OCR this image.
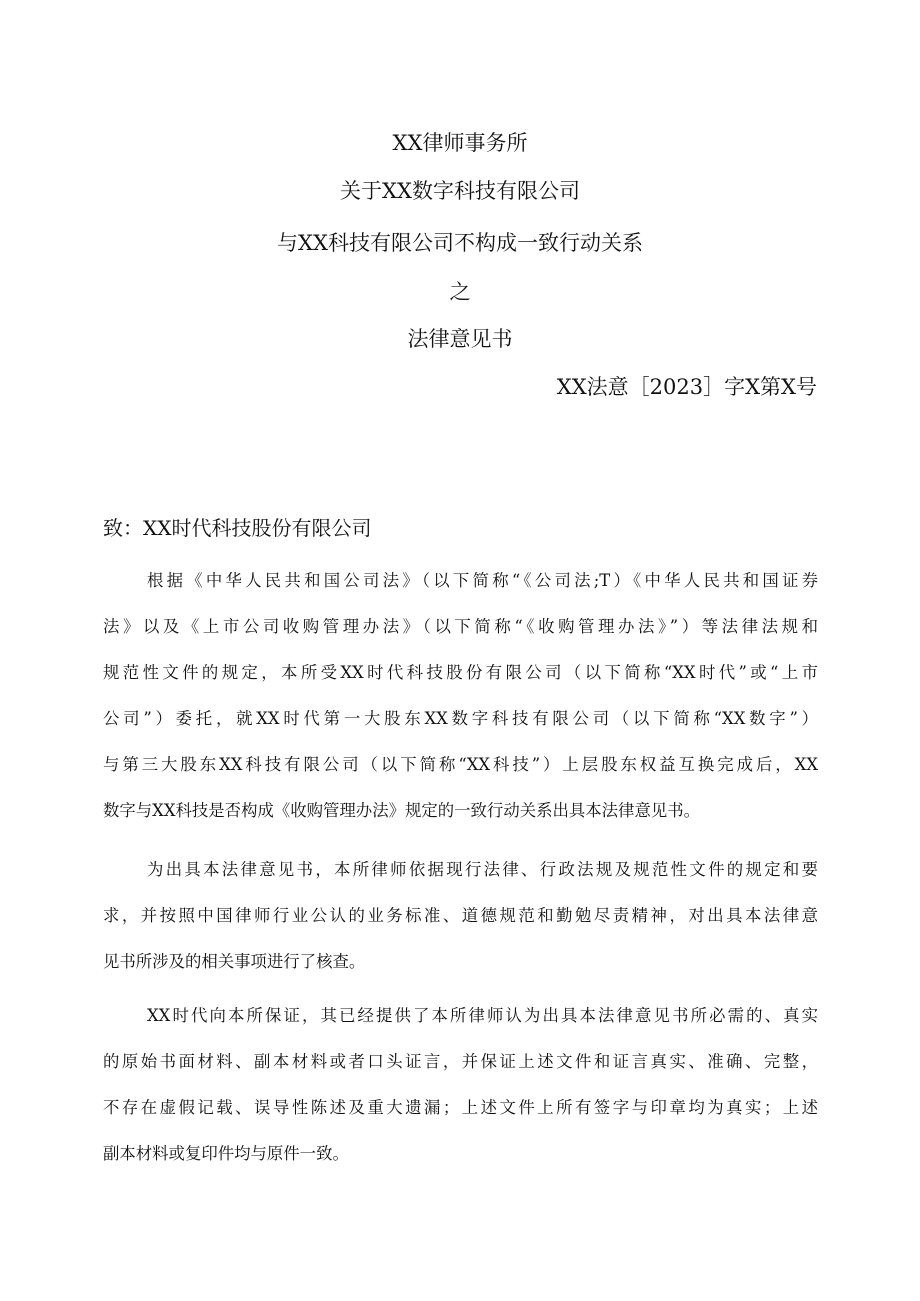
XX律师事务所
关于XX数字科技有限公司
与XX科技有限公司不构成一致行动关系
之
法律意见书
XX法意［2023］字X第X号
致：XX时代科技股份有限公司
根据《中华人民共和国公司法》（以下简称“《公司法;T）《中华人民共和国证券
法》以及《上市公司收购管理办法》（以下简称“《收购管理办法》”）等法律法规和
规范性文件的规定，本所受XX时代科技股份有限公司（以下简称“XX时代”或“上市
公司”）委托，就XX时代第一大股东XX数字科技有限公司（以下简称“XX数字”）
与第三大股东XX科技有限公司（以下简称“XX科技”）上层股东权益互换完成后，XX
数字与XX科技是否构成《收购管理办法》规定的一致行动关系出具本法律意见书。
为出具本法律意见书，本所律师依据现行法律、行政法规及规范性文件的规定和要
求，并按照中国律师行业公认的业务标准、道德规范和勤勉尽责精神，对出具本法律意
见书所涉及的相关事项进行了核查。
XX时代向本所保证，其已经提供了本所律师认为出具本法律意见书所必需的、真实
的原始书面材料、副本材料或者口头证言，并保证上述文件和证言真实、准确、完整，
不存在虚假记载、误导性陈述及重大遗漏；上述文件上所有签字与印章均为真实；上述
副本材料或复印件均与原件一致。
